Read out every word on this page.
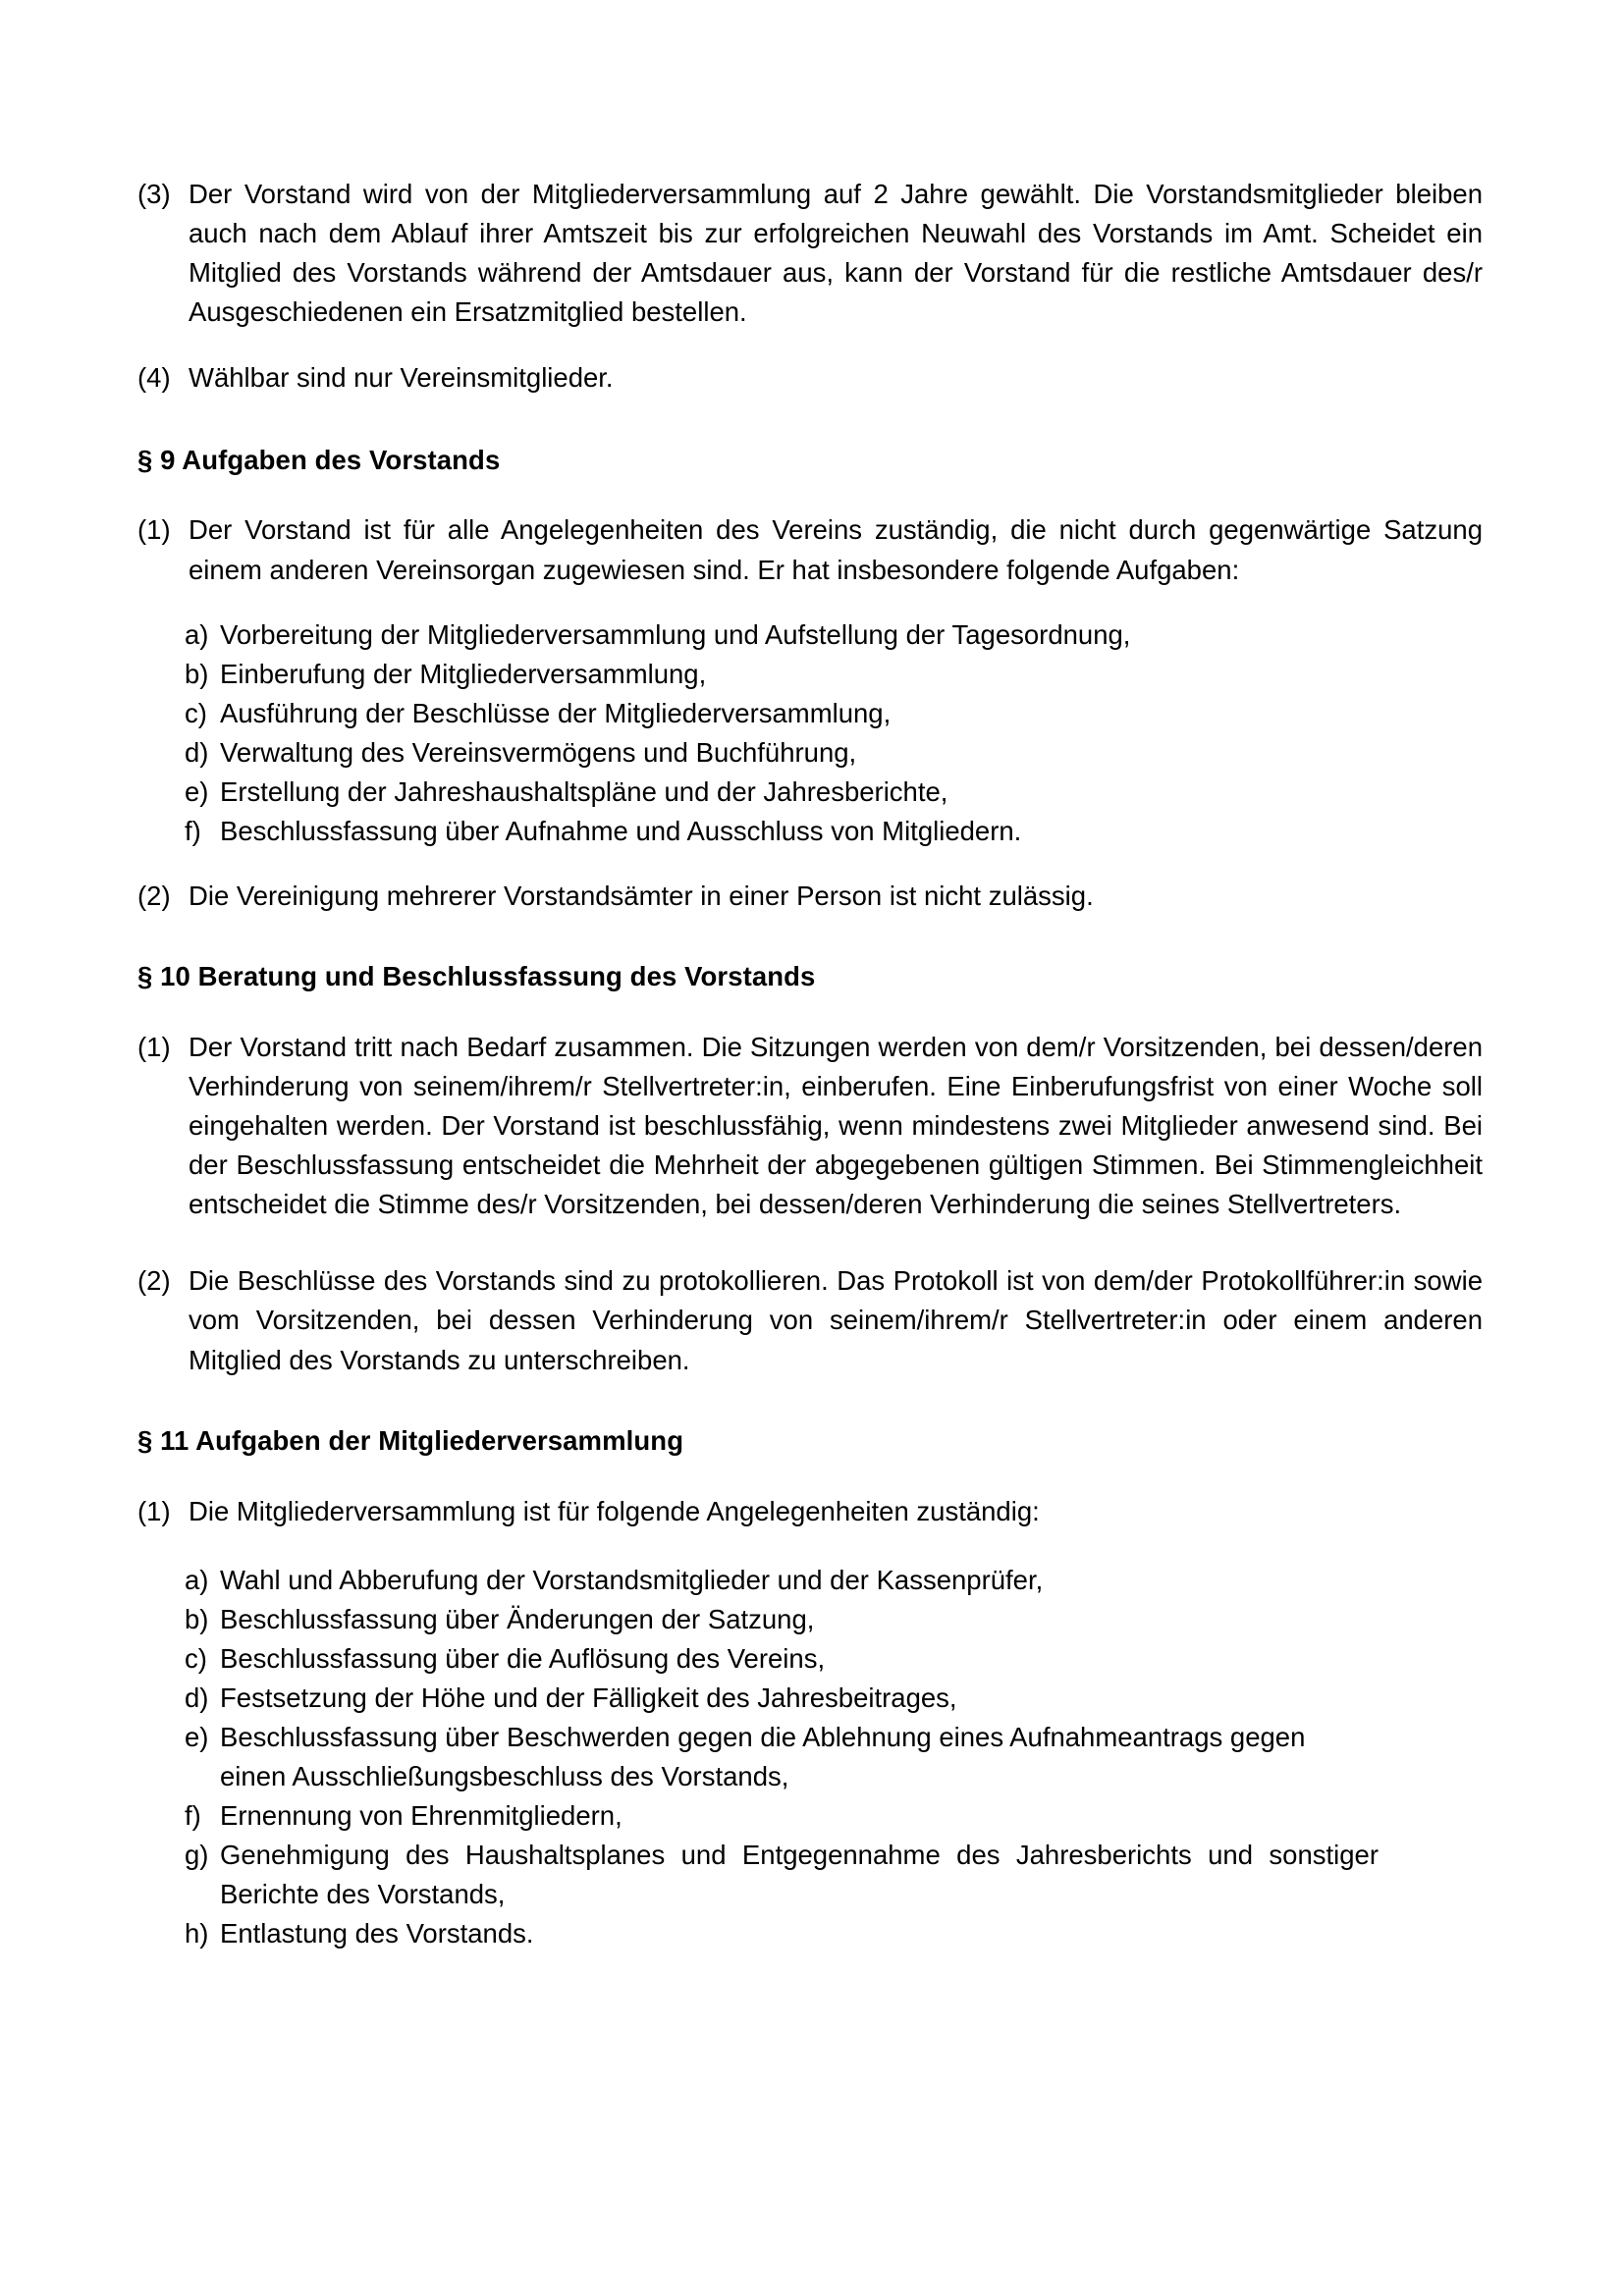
(3) Der Vorstand wird von der Mitgliederversammlung auf 2 Jahre gewählt. Die Vorstandsmitglieder bleiben auch nach dem Ablauf ihrer Amtszeit bis zur erfolgreichen Neuwahl des Vorstands im Amt. Scheidet ein Mitglied des Vorstands während der Amtsdauer aus, kann der Vorstand für die restliche Amtsdauer des/r Ausgeschiedenen ein Ersatzmitglied bestellen.
(4) Wählbar sind nur Vereinsmitglieder.
§ 9 Aufgaben des Vorstands
(1) Der Vorstand ist für alle Angelegenheiten des Vereins zuständig, die nicht durch gegenwärtige Satzung einem anderen Vereinsorgan zugewiesen sind. Er hat insbesondere folgende Aufgaben:
a) Vorbereitung der Mitgliederversammlung und Aufstellung der Tagesordnung,
b) Einberufung der Mitgliederversammlung,
c) Ausführung der Beschlüsse der Mitgliederversammlung,
d) Verwaltung des Vereinsvermögens und Buchführung,
e) Erstellung der Jahreshaushaltspläne und der Jahresberichte,
f) Beschlussfassung über Aufnahme und Ausschluss von Mitgliedern.
(2) Die Vereinigung mehrerer Vorstandsämter in einer Person ist nicht zulässig.
§ 10 Beratung und Beschlussfassung des Vorstands
(1) Der Vorstand tritt nach Bedarf zusammen. Die Sitzungen werden von dem/r Vorsitzenden, bei dessen/deren Verhinderung von seinem/ihrem/r Stellvertreter:in, einberufen. Eine Einberufungsfrist von einer Woche soll eingehalten werden. Der Vorstand ist beschlussfähig, wenn mindestens zwei Mitglieder anwesend sind. Bei der Beschlussfassung entscheidet die Mehrheit der abgegebenen gültigen Stimmen. Bei Stimmengleichheit entscheidet die Stimme des/r Vorsitzenden, bei dessen/deren Verhinderung die seines Stellvertreters.
(2) Die Beschlüsse des Vorstands sind zu protokollieren. Das Protokoll ist von dem/der Protokollführer:in sowie vom Vorsitzenden, bei dessen Verhinderung von seinem/ihrem/r Stellvertreter:in oder einem anderen Mitglied des Vorstands zu unterschreiben.
§ 11 Aufgaben der Mitgliederversammlung
(1) Die Mitgliederversammlung ist für folgende Angelegenheiten zuständig:
a) Wahl und Abberufung der Vorstandsmitglieder und der Kassenprüfer,
b) Beschlussfassung über Änderungen der Satzung,
c) Beschlussfassung über die Auflösung des Vereins,
d) Festsetzung der Höhe und der Fälligkeit des Jahresbeitrages,
e) Beschlussfassung über Beschwerden gegen die Ablehnung eines Aufnahmeantrags gegen einen Ausschließungsbeschluss des Vorstands,
f) Ernennung von Ehrenmitgliedern,
g) Genehmigung des Haushaltsplanes und Entgegennahme des Jahresberichts und sonstiger Berichte des Vorstands,
h) Entlastung des Vorstands.
